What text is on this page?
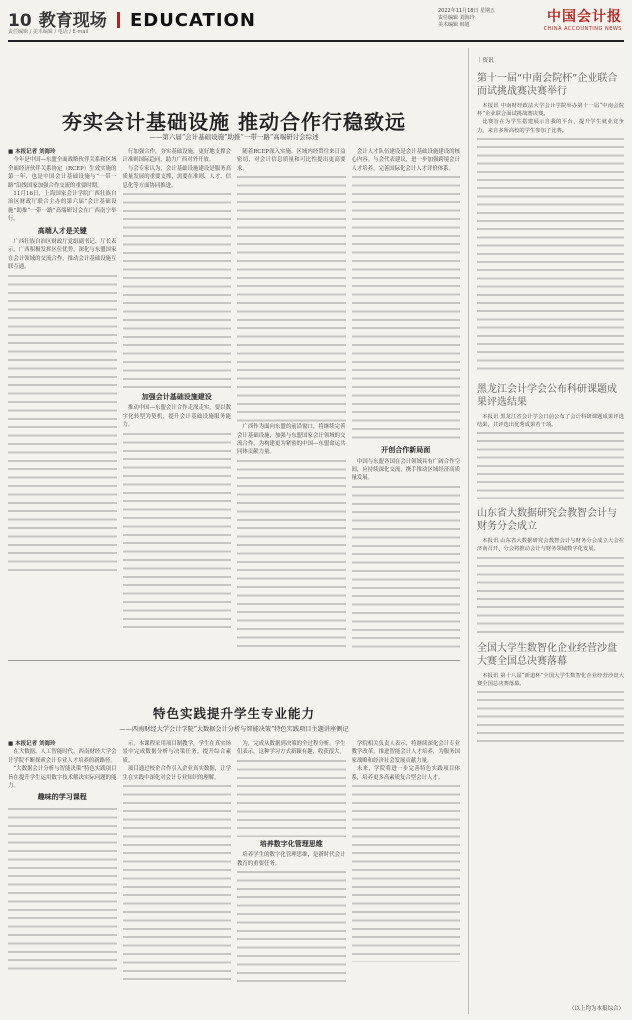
10 教育现场 EDUCATION
责任编辑 / 美术编辑 / 电话 / E-mail
2022年11月18日 星期五
责任编辑 刘海玲
美术编辑 韩旭	中国会计报
CHINA ACCOUNTING NEWS
夯实会计基础设施 推动合作行稳致远
——第六届“会计基础设施”助推“一带一路”高端研讨会综述
■ 本报记者 刘海玲

今年是中国—东盟全面战略伙伴关系和区域全面经济伙伴关系协定（RCEP）生效实施的第一年，也是中国会计基础设施与“一带一路”沿线国家加强合作交流的重要时期。

11月16日，上海国家会计学院广西壮族自治区财政厅联合主办的第六届“会计基础设施”助推“一带一路”高端研讨会在广西南宁举行。

高端人才是关键

广西壮族自治区财政厅党组副书记、厅长表示，广西积极发挥区位优势，深化与东盟国家在会计领域的交流合作，推动会计基础设施互联互通。

行加强合作，夯实基础设施，更好地支撑会计准则国际趋同，助力广西对外开放。

与会专家认为，会计基础设施建设是服务高质量发展的重要支撑，需要在准则、人才、信息化等方面协同推进。

加强会计基础设施建设

推动中国—东盟会计合作走深走实，要以数字化转型为契机，提升会计基础设施服务能力。

随着RCEP深入实施，区域内经贸往来日益密切，对会计信息质量和可比性提出更高要求。

广西作为面向东盟的前沿窗口，将继续完善会计基础设施，加强与东盟国家会计领域的交流合作，为构建更为紧密的中国—东盟命运共同体贡献力量。

会计人才队伍建设是会计基础设施建设的核心内容。与会代表建议，进一步加强跨境会计人才培养，完善国际化会计人才评价体系。

开创合作新局面

中国与东盟各国在会计领域具有广阔合作空间，应持续深化交流，携手推动区域经济高质量发展。

特色实践提升学生专业能力
——西南财经大学会计学院“大数据会计分析与智能决策”特色实践项目主题讲座侧记
■ 本报记者 刘海玲

在大数据、人工智能时代，西南财经大学会计学院不断探索会计专业人才培养的新路径。

“大数据会计分析与智能决策”特色实践项目旨在提升学生运用数字技术解决实际问题的能力。

趣味的学习课程

示，本课程采用项目制教学，学生在真实场景中完成数据分析与决策任务，提升综合素质。

项目通过校企合作引入企业真实数据，让学生在实践中深化对会计专业知识的理解。

为，完成从数据到决策的全过程分析。学生们表示，这种学习方式新颖有趣，收获很大。

培养数字化管理思维

培养学生的数字化管理思维，是新时代会计教育的重要任务。

学院相关负责人表示，将继续深化会计专业教学改革，推进智能会计人才培养，为服务国家战略和经济社会发展贡献力量。

未来，学院将进一步完善特色实践项目体系，培养更多高素质复合型会计人才。

｜资讯
第十一届“中南会院杯”企业联合而试挑战赛决赛举行

本报讯 中南财经政法大学会计学院举办第十一届“中南会院杯”企业联合面试挑战赛决赛。

比赛旨在为学生搭建展示自我的平台，提升学生就业竞争力，来自多所高校的学生参加了比赛。

黑龙江会计学会公布科研课题成果评选结果

本报讯 黑龙江省会计学会日前公布了会计科研课题成果评选结果，共评选出优秀成果若干项。

山东省大数据研究会教智会计与财务分会成立

本报讯 山东省大数据研究会教智会计与财务分会成立大会在济南召开，分会将推动会计与财务领域数字化发展。

全国大学生数智化企业经营沙盘大赛全国总决赛落幕

本报讯 第十八届“新道杯”全国大学生数智化企业经营沙盘大赛全国总决赛落幕。

（以上均为本报综合）
